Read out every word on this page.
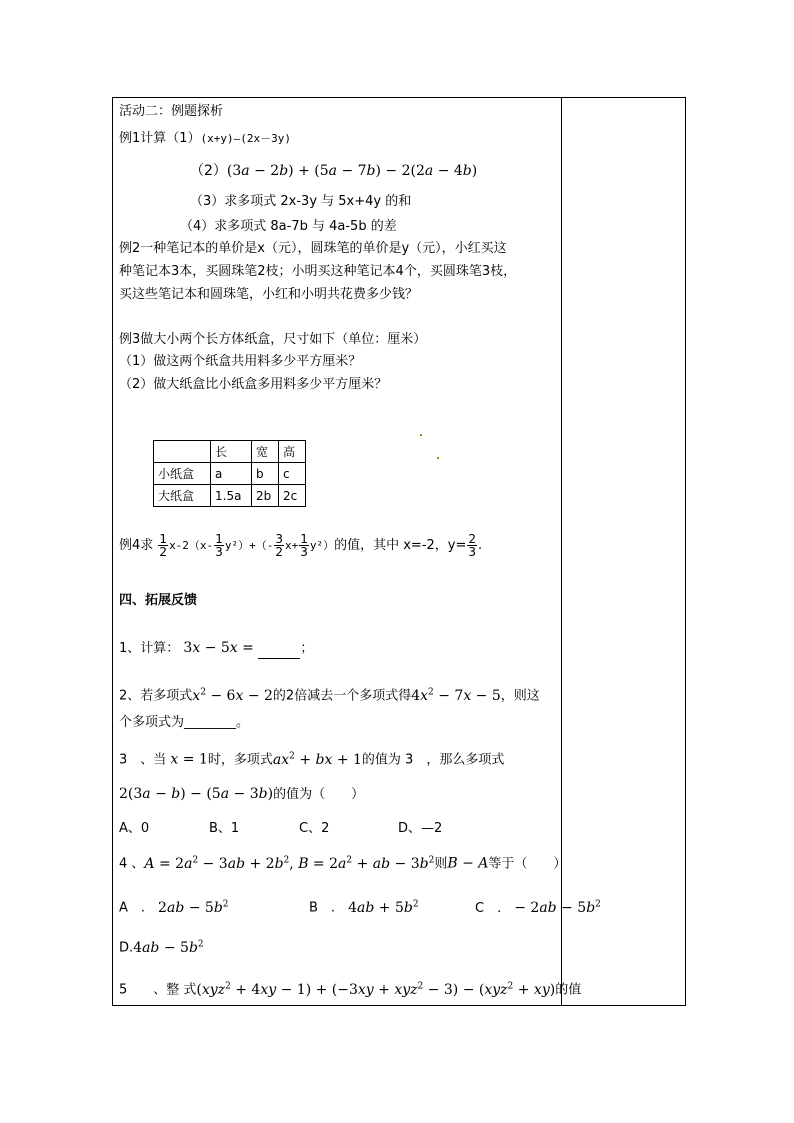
活动二：例题探析
例1计算（1）(x+y)—(2x－3y)
（2）(3a − 2b) + (5a − 7b) − 2(2a − 4b)
（3）求多项式 2x-3y 与 5x+4y 的和
（4）求多项式 8a-7b 与 4a-5b 的差
例2一种笔记本的单价是x（元），圆珠笔的单价是y（元），小红买这
种笔记本3本，买圆珠笔2枝；小明买这种笔记本4个，买圆珠笔3枝，
买这些笔记本和圆珠笔，小红和小明共花费多少钱？
例3做大小两个长方体纸盒，尺寸如下（单位：厘米）
（1）做这两个纸盒共用料多少平方厘米？
（2）做大纸盒比小纸盒多用料多少平方厘米？
	长	宽	高
小纸盒	a	b	c
大纸盒	1.5a	2b	2c
例4求 $\frac{1}{2} x-2(x- \frac{1}{3} y^2)+(- \frac{3}{2} x+ \frac{1}{3} y^2)$的值，其中 x=-2，$y= \frac{2}{3}$ .
四、拓展反馈
1、计算： 3x − 5x =	；
2、若多项式$x^2 - 6x - 2$的2倍减去一个多项式得$4x^2 - 7x - 5$，则这
个多项式为________。
3　、当 x = 1时，多项式$ax^2$ + bx + 1的值为 3　，那么多项式
2(3a − b) − (5a − 3b)的值为（　　）
A、0	B、1	C、2	D、—2
4 、$A = 2a^2 - 3ab + 2b^2$, $B = 2a^2$ + ab − $3b^2$则B − A等于（　　）
A　.　 $2ab - 5b^2$	B　.　 $4ab + 5b^2$	C　.　 − $2ab - 5b^2$
$D.4ab - 5b^2$
5　　、整 式(xyz$^2$ + 4xy − 1) + (−3xy + xyz$^2$ − 3) − (xyz$^2$ + xy)的值
